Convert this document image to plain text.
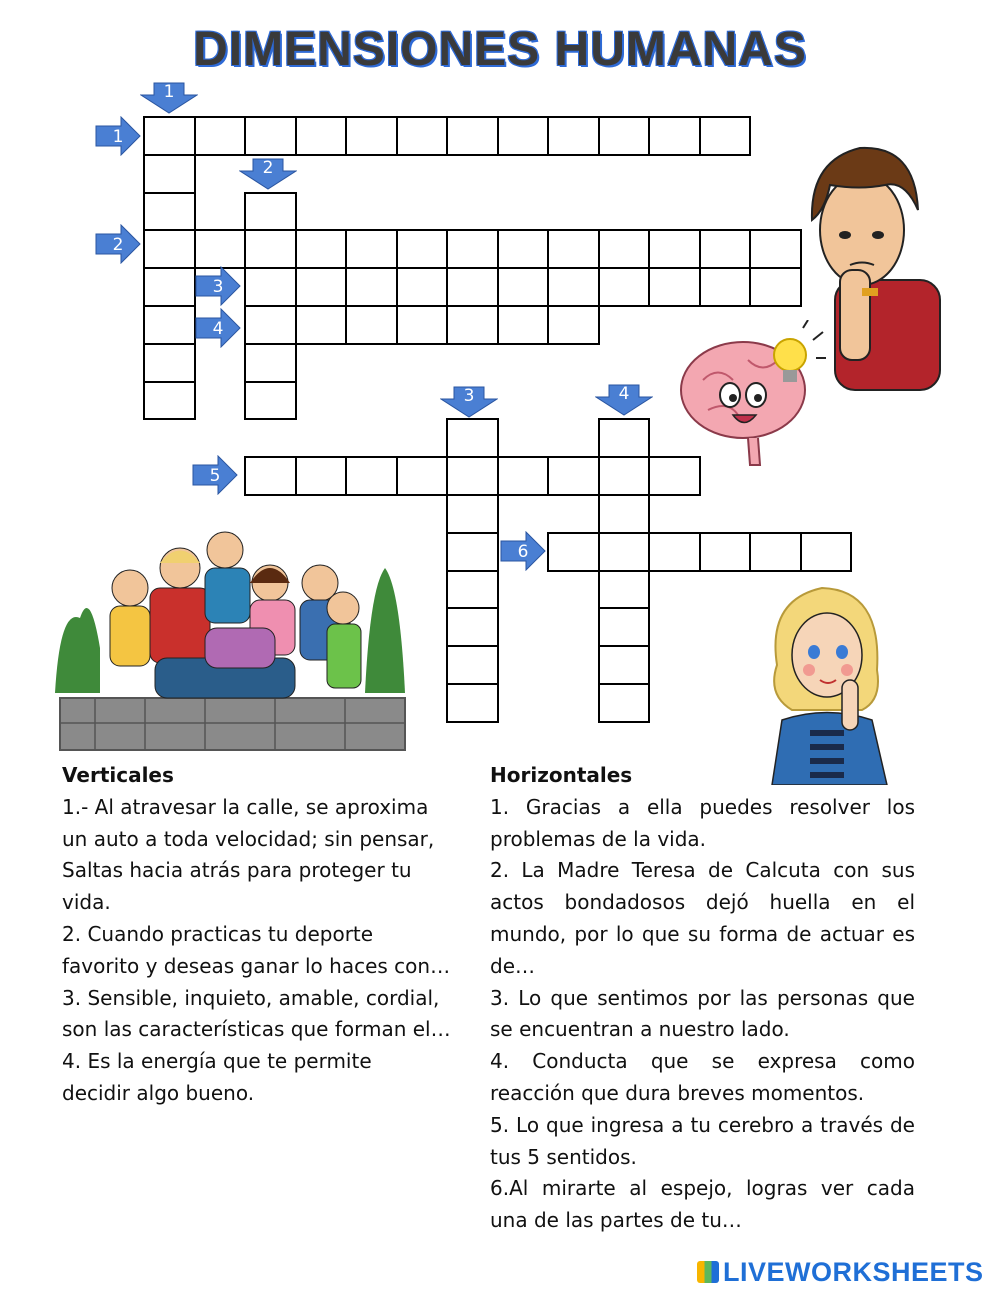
DIMENSIONES HUMANAS
1
2
3	4
1
2
3
4
5
6
Verticales

1.- Al atravesar la calle, se aproxima

un auto a toda velocidad; sin pensar,

Saltas hacia atrás para proteger tu

vida.

2. Cuando practicas tu deporte

favorito y deseas ganar lo haces con…

3. Sensible, inquieto, amable, cordial,

son las características que forman el…

4. Es la energía que te permite

decidir algo bueno.

Horizontales

1. Gracias a ella puedes resolver los problemas de la vida.

2. La Madre Teresa de Calcuta con sus actos bondadosos dejó huella en el mundo, por lo que su forma de actuar es de…

3. Lo que sentimos por las personas que se encuentran a nuestro lado.

4. Conducta que se expresa como reacción que dura breves momentos.

5. Lo que ingresa a tu cerebro a través de tus 5 sentidos.

6.Al mirarte al espejo, logras ver cada una de las partes de tu…

LIVEWORKSHEETS
